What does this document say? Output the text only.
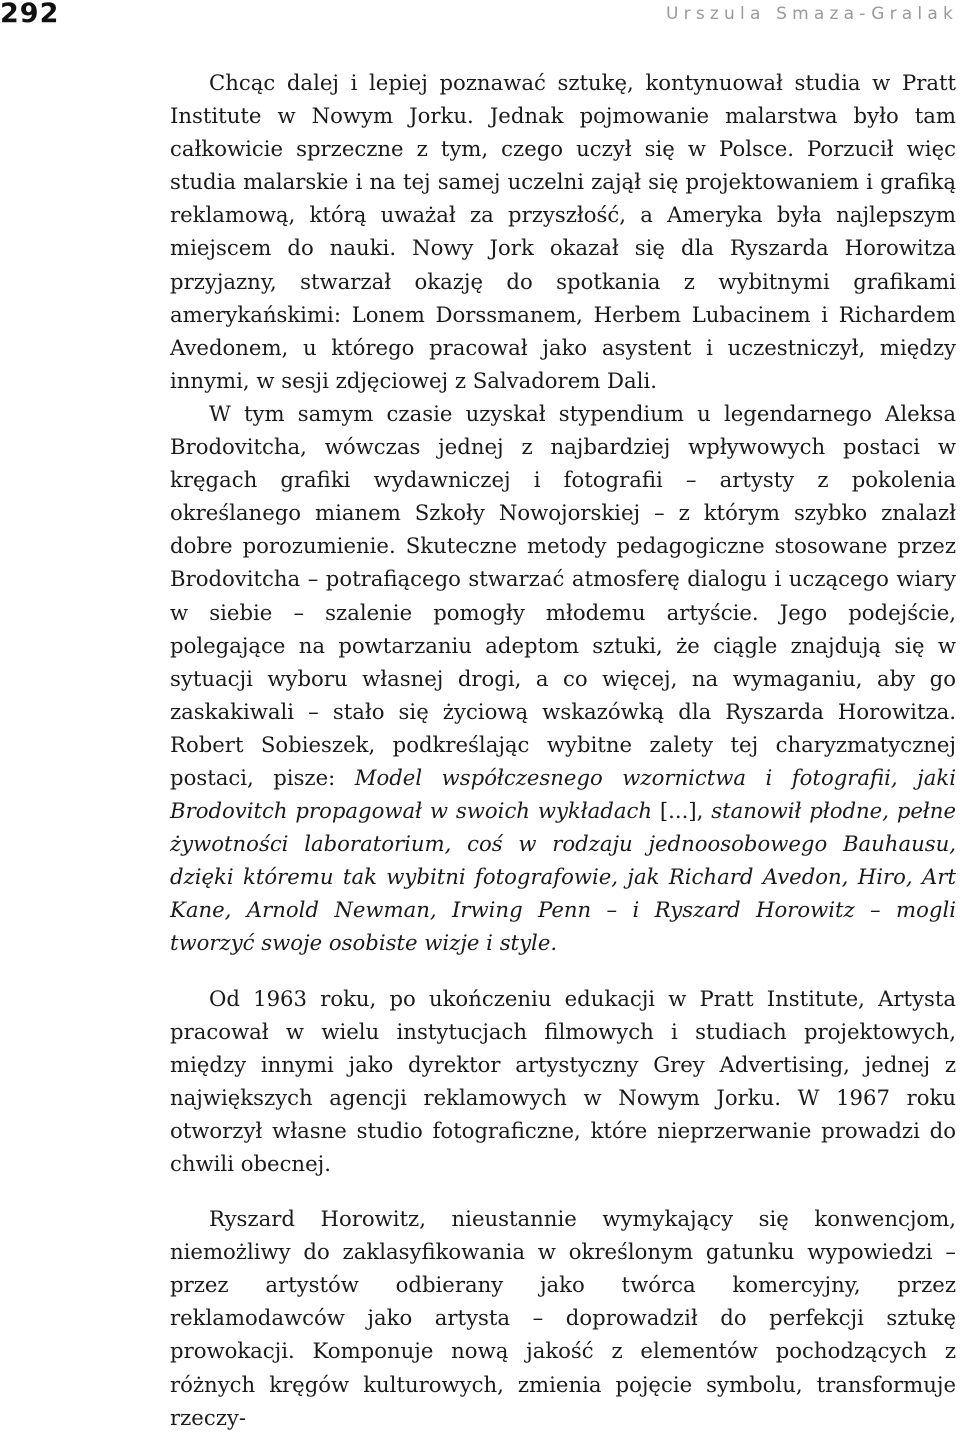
292	Urszula Smaza-Gralak

Chcąc dalej i lepiej poznawać sztukę, kontynuował studia w Pratt Institute w Nowym Jorku. Jednak pojmowanie malarstwa było tam całkowicie sprzeczne z tym, czego uczył się w Polsce. Porzucił więc studia malarskie i na tej samej uczelni zajął się projektowaniem i grafiką reklamową, którą uważał za przyszłość, a Ameryka była najlepszym miejscem do nauki. Nowy Jork okazał się dla Ryszarda Horowitza przyjazny, stwarzał okazję do spotkania z wybitnymi grafikami amerykańskimi: Lonem Dorssmanem, Herbem Lubacinem i Richardem Avedonem, u którego pracował jako asystent i uczestniczył, między innymi, w sesji zdjęciowej z Salvadorem Dali.

W tym samym czasie uzyskał stypendium u legendarnego Aleksa Brodovitcha, wówczas jednej z najbardziej wpływowych postaci w kręgach grafiki wydawniczej i fotografii – artysty z pokolenia określanego mianem Szkoły Nowojorskiej – z którym szybko znalazł dobre porozumienie. Skuteczne metody pedagogiczne stosowane przez Brodovitcha – potrafiącego stwarzać atmosferę dialogu i uczącego wiary w siebie – szalenie pomogły młodemu artyście. Jego podejście, polegające na powtarzaniu adeptom sztuki, że ciągle znajdują się w sytuacji wyboru własnej drogi, a co więcej, na wymaganiu, aby go zaskakiwali – stało się życiową wskazówką dla Ryszarda Horowitza. Robert Sobieszek, podkreślając wybitne zalety tej charyzmatycznej postaci, pisze: Model współczesnego wzornictwa i fotografii, jaki Brodovitch propagował w swoich wykładach [...], stanowił płodne, pełne żywotności laboratorium, coś w rodzaju jednoosobowego Bauhausu, dzięki któremu tak wybitni fotografowie, jak Richard Avedon, Hiro, Art Kane, Arnold Newman, Irwing Penn – i Ryszard Horowitz – mogli tworzyć swoje osobiste wizje i style.

Od 1963 roku, po ukończeniu edukacji w Pratt Institute, Artysta pracował w wielu instytucjach filmowych i studiach projektowych, między innymi jako dyrektor artystyczny Grey Advertising, jednej z największych agencji reklamowych w Nowym Jorku. W 1967 roku otworzył własne studio fotograficzne, które nieprzerwanie prowadzi do chwili obecnej.

Ryszard Horowitz, nieustannie wymykający się konwencjom, niemożliwy do zaklasyfikowania w określonym gatunku wypowiedzi – przez artystów odbierany jako twórca komercyjny, przez reklamodawców jako artysta – doprowadził do perfekcji sztukę prowokacji. Komponuje nową jakość z elementów pochodzących z różnych kręgów kulturowych, zmienia pojęcie symbolu, transformuje rzeczy-
